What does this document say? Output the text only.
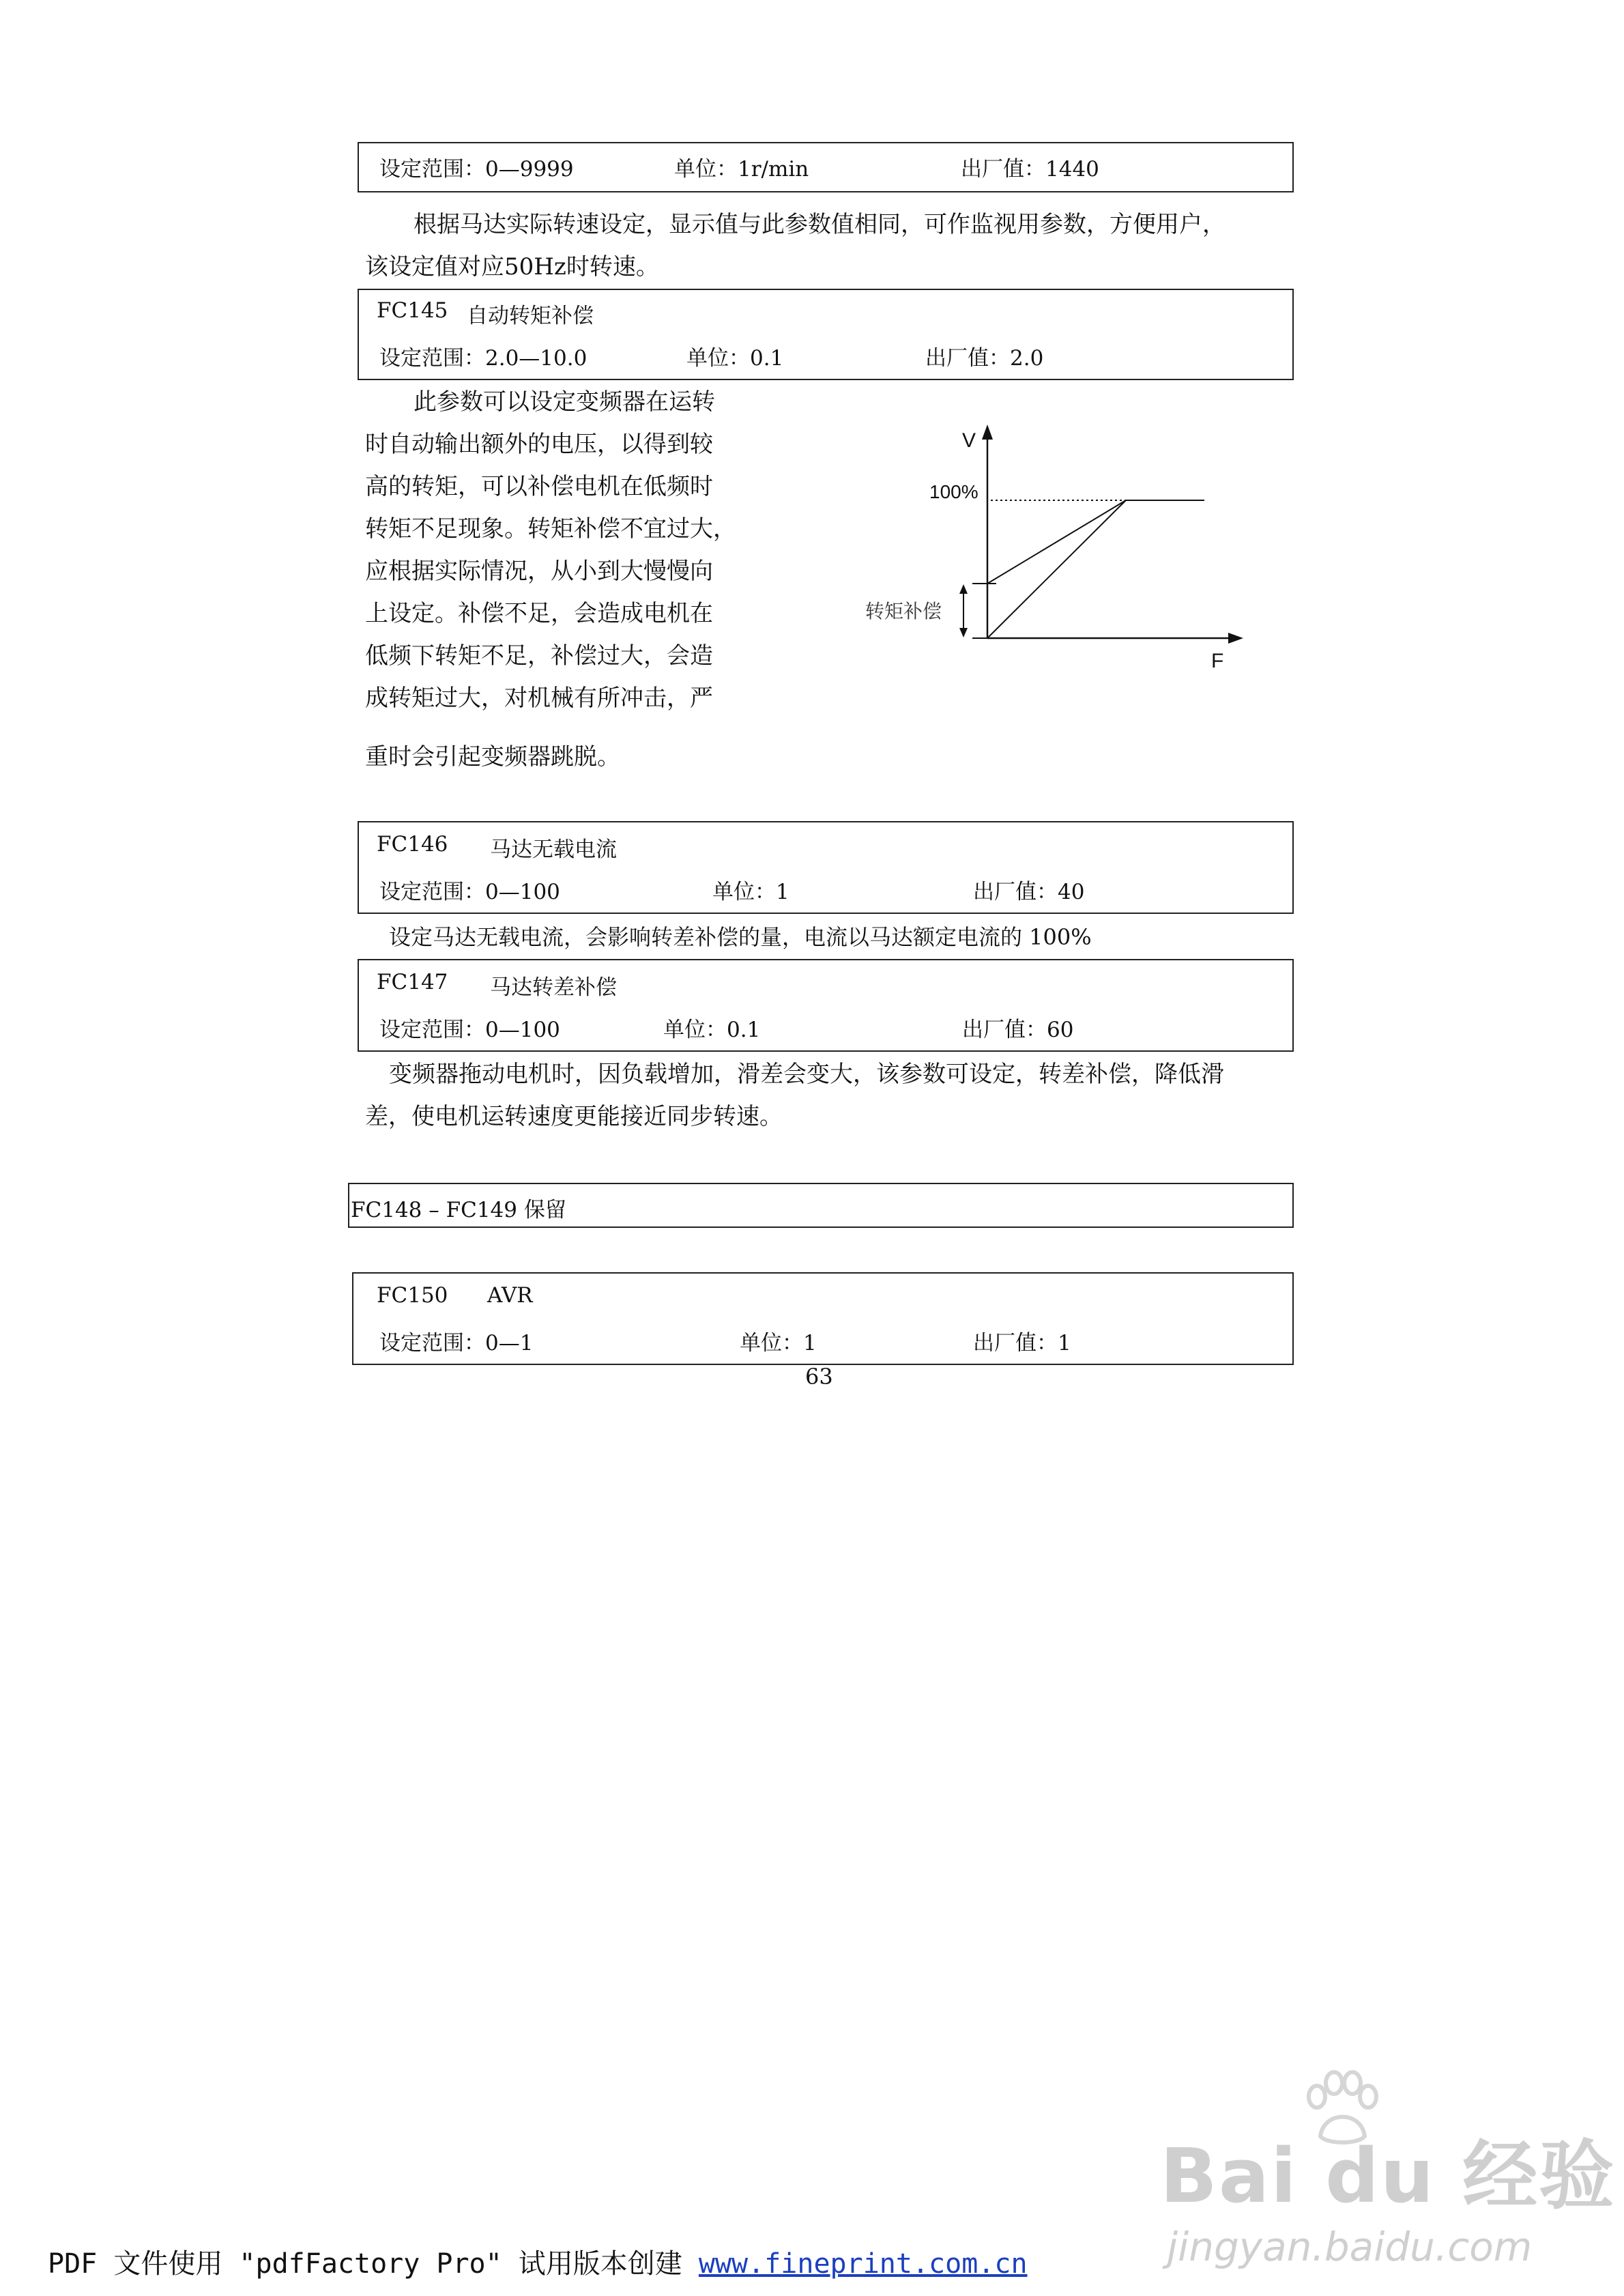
设定范围：0—9999	单位：1r/min	出厂值：1440
根据马达实际转速设定，显示值与此参数值相同，可作监视用参数，方便用户，
该设定值对应50Hz时转速。
FC145 自动转矩补偿
设定范围：2.0—10.0	单位：0.1	出厂值：2.0
此参数可以设定变频器在运转
时自动输出额外的电压，以得到较
高的转矩，可以补偿电机在低频时
转矩不足现象。转矩补偿不宜过大，
应根据实际情况，从小到大慢慢向
上设定。补偿不足，会造成电机在
低频下转矩不足，补偿过大，会造
成转矩过大，对机械有所冲击，严
重时会引起变频器跳脱。
V
F
100%
转矩补偿
FC146 马达无载电流
设定范围：0—100	单位：1	出厂值：40
设定马达无载电流，会影响转差补偿的量，电流以马达额定电流的 100%
FC147 马达转差补偿
设定范围：0—100	单位：0.1	出厂值：60
变频器拖动电机时，因负载增加，滑差会变大，该参数可设定，转差补偿，降低滑
差，使电机运转速度更能接近同步转速。
FC148 – FC149 保留
FC150 AVR
设定范围：0—1	单位：1	出厂值：1
63
Bai du 经验
jingyan.baidu.com
PDF 文件使用 "pdfFactory Pro" 试用版本创建 www.fineprint.com.cn
